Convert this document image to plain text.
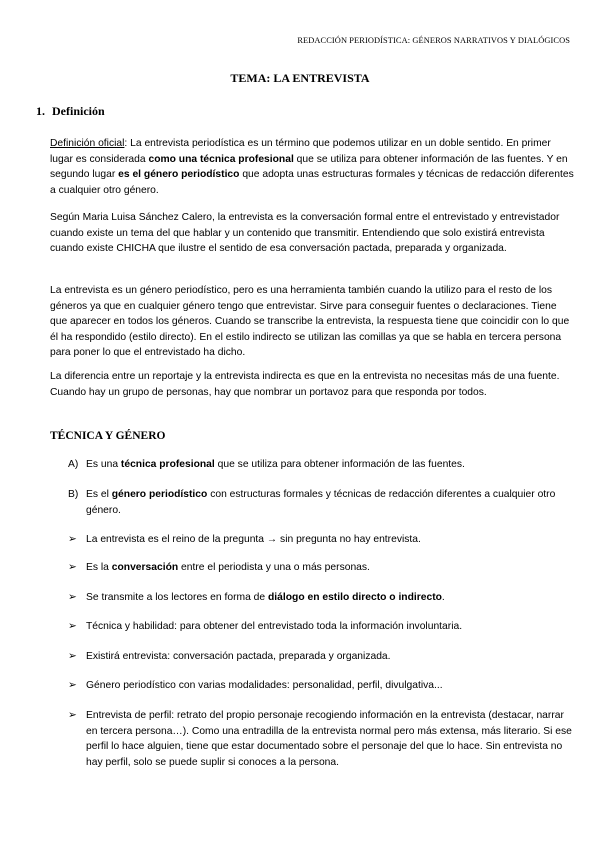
REDACCIÓN PERIODÍSTICA: GÉNEROS NARRATIVOS Y DIALÓGICOS
TEMA: LA ENTREVISTA
1. Definición

Definición oficial: La entrevista periodística es un término que podemos utilizar en un doble sentido. En primer lugar es considerada como una técnica profesional que se utiliza para obtener información de las fuentes. Y en segundo lugar es el género periodístico que adopta unas estructuras formales y técnicas de redacción diferentes a cualquier otro género.

Según Maria Luisa Sánchez Calero, la entrevista es la conversación formal entre el entrevistado y entrevistador cuando existe un tema del que hablar y un contenido que transmitir. Entendiendo que solo existirá entrevista cuando existe CHICHA que ilustre el sentido de esa conversación pactada, preparada y organizada.

La entrevista es un género periodístico, pero es una herramienta también cuando la utilizo para el resto de los géneros ya que en cualquier género tengo que entrevistar. Sirve para conseguir fuentes o declaraciones. Tiene que aparecer en todos los géneros. Cuando se transcribe la entrevista, la respuesta tiene que coincidir con lo que él ha respondido (estilo directo). En el estilo indirecto se utilizan las comillas ya que se habla en tercera persona para poner lo que el entrevistado ha dicho.

La diferencia entre un reportaje y la entrevista indirecta es que en la entrevista no necesitas más de una fuente. Cuando hay un grupo de personas, hay que nombrar un portavoz para que responda por todos.

TÉCNICA Y GÉNERO
A) Es una técnica profesional que se utiliza para obtener información de las fuentes.
B) Es el género periodístico con estructuras formales y técnicas de redacción diferentes a cualquier otro género.
➢ La entrevista es el reino de la pregunta → sin pregunta no hay entrevista.
➢ Es la conversación entre el periodista y una o más personas.
➢ Se transmite a los lectores en forma de diálogo en estilo directo o indirecto.
➢ Técnica y habilidad: para obtener del entrevistado toda la información involuntaria.
➢ Existirá entrevista: conversación pactada, preparada y organizada.
➢ Género periodístico con varias modalidades: personalidad, perfil, divulgativa...
➢ Entrevista de perfil: retrato del propio personaje recogiendo información en la entrevista (destacar, narrar en tercera persona…). Como una entradilla de la entrevista normal pero más extensa, más literario. Si ese perfil lo hace alguien, tiene que estar documentado sobre el personaje del que lo hace. Sin entrevista no hay perfil, solo se puede suplir si conoces a la persona.
